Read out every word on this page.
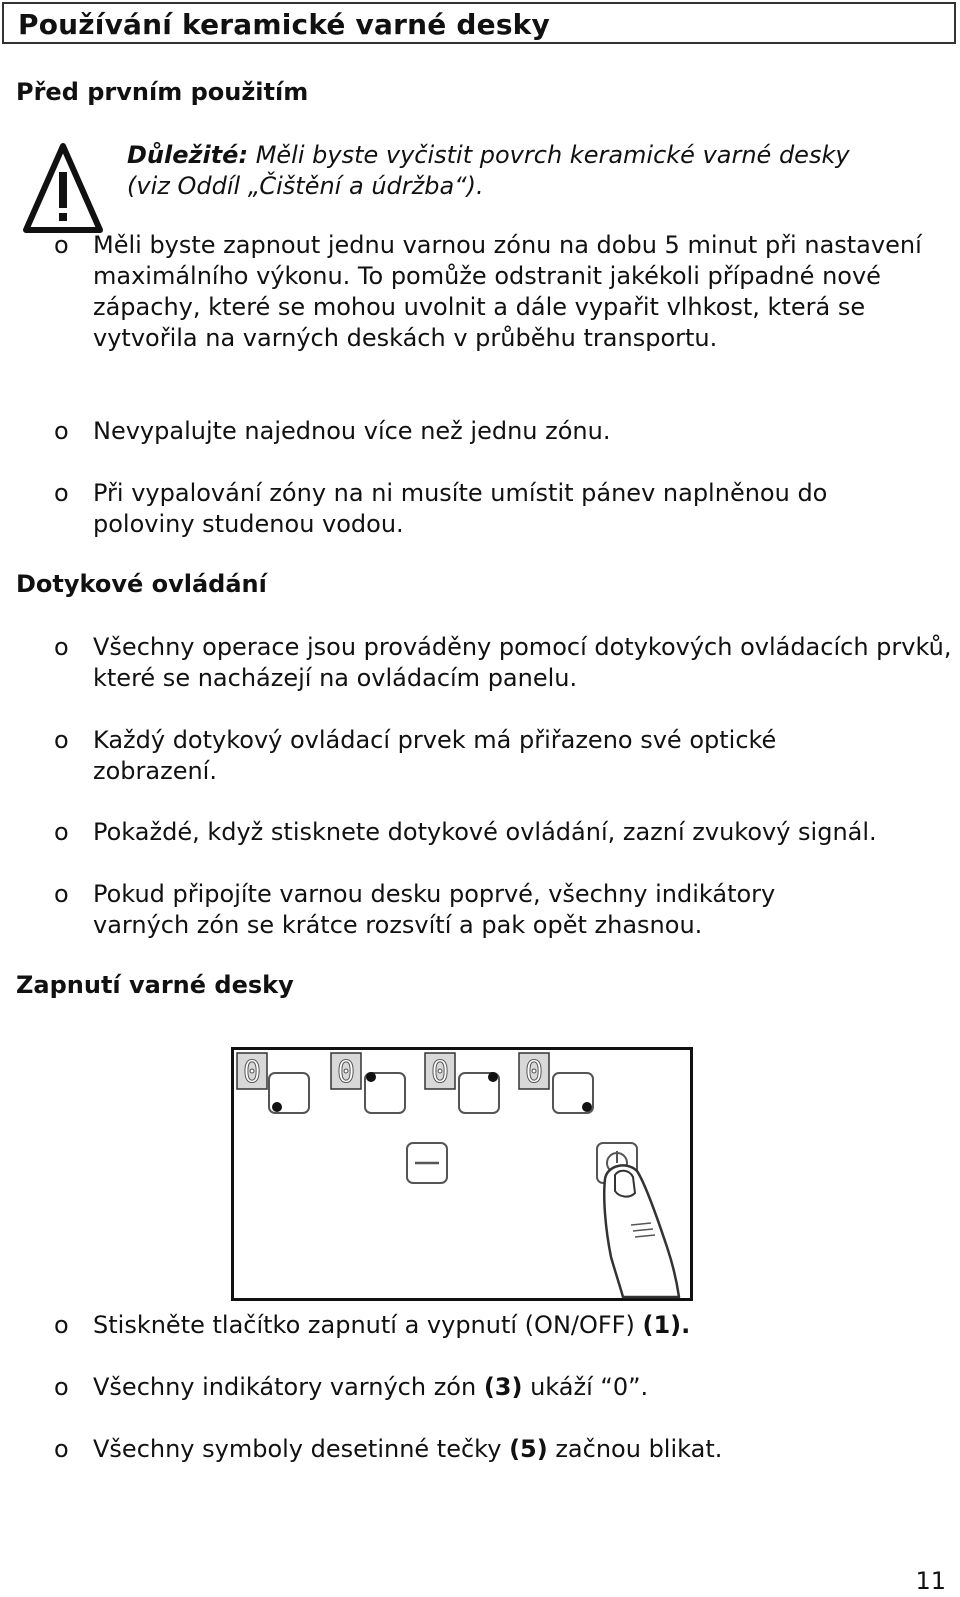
Používání keramické varné desky
Před prvním použitím
Důležité: Měli byste vyčistit povrch keramické varné desky
(viz Oddíl „Čištění a údržba“).
o Měli byste zapnout jednu varnou zónu na dobu 5 minut při nastavení maximálního výkonu. To pomůže odstranit jakékoli případné nové zápachy, které se mohou uvolnit a dále vypařit vlhkost, která se vytvořila na varných deskách v průběhu transportu.
o Nevypalujte najednou více než jednu zónu.
o Při vypalování zóny na ni musíte umístit pánev naplněnou do poloviny studenou vodou.
Dotykové ovládání
o Všechny operace jsou prováděny pomocí dotykových ovládacích prvků, které se nacházejí na ovládacím panelu.
o Každý dotykový ovládací prvek má přiřazeno své optické zobrazení.
o Pokaždé, když stisknete dotykové ovládání, zazní zvukový signál.
o Pokud připojíte varnou desku poprvé, všechny indikátory varných zón se krátce rozsvítí a pak opět zhasnou.
Zapnutí varné desky
0	0	0	0
o Stiskněte tlačítko zapnutí a vypnutí (ON/OFF) (1).
o Všechny indikátory varných zón (3) ukáží “0”.
o Všechny symboly desetinné tečky (5) začnou blikat.
11
